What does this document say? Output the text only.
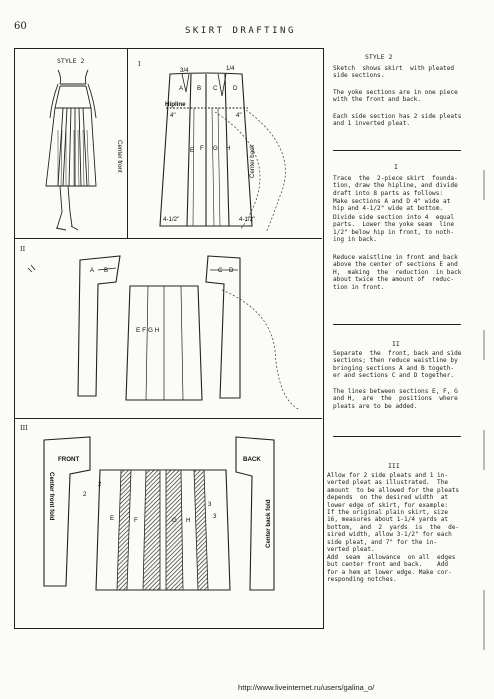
60	SKIRT DRAFTING
STYLE 2	I
II
III
3/4	1/4
A B C	D
Hipline
4"	4"
E F G H
Center front	Center back
4-1/2"	4-1/2"
A B	C D
E F G H
FRONT	BACK
Center front fold
Center back fold
2
2
3
3
E	F	G H
STYLE 2
Sketch  shows skirt  with pleated
side sections.
The yoke sections are in one piece
with the front and back.
Each side section has 2 side pleats
and 1 inverted pleat.
I
Trace  the  2-piece skirt  founda-
tion, draw the hipline, and divide
draft into 8 parts as follows:
Make sections A and D 4" wide at
hip and 4-1/2" wide at bottom.
Divide side section into 4  equal
parts.  Lower the yoke seam  line
1/2" below hip in front, to noth-
ing in back.
Reduce waistline in front and back
above the center of sections E and
H,  making  the  reduction  in back
about twice the amount of  reduc-
tion in front.
II
Separate  the  front, back and side
sections; then reduce waistline by
bringing sections A and B togeth-
er and sections C and D together.
The lines between sections E, F, G
and H,  are  the  positions  where
pleats are to be added.
III
Allow for 2 side pleats and 1 in-
verted pleat as illustrated.  The
amount  to be allowed for the pleats
depends  on the desired width  at
lower edge of skirt, for example:
If the original plain skirt, size
16, measures about 1-1/4 yards at
bottom,  and  2  yards  is  the  de-
sired width, allow 3-1/2" for each
side pleat, and 7" for the in-
verted pleat.
Add  seam  allowance  on all  edges
but center front and back.    Add
for a hem at lower edge. Make cor-
responding notches.
http://www.liveinternet.ru/users/galina_o/
